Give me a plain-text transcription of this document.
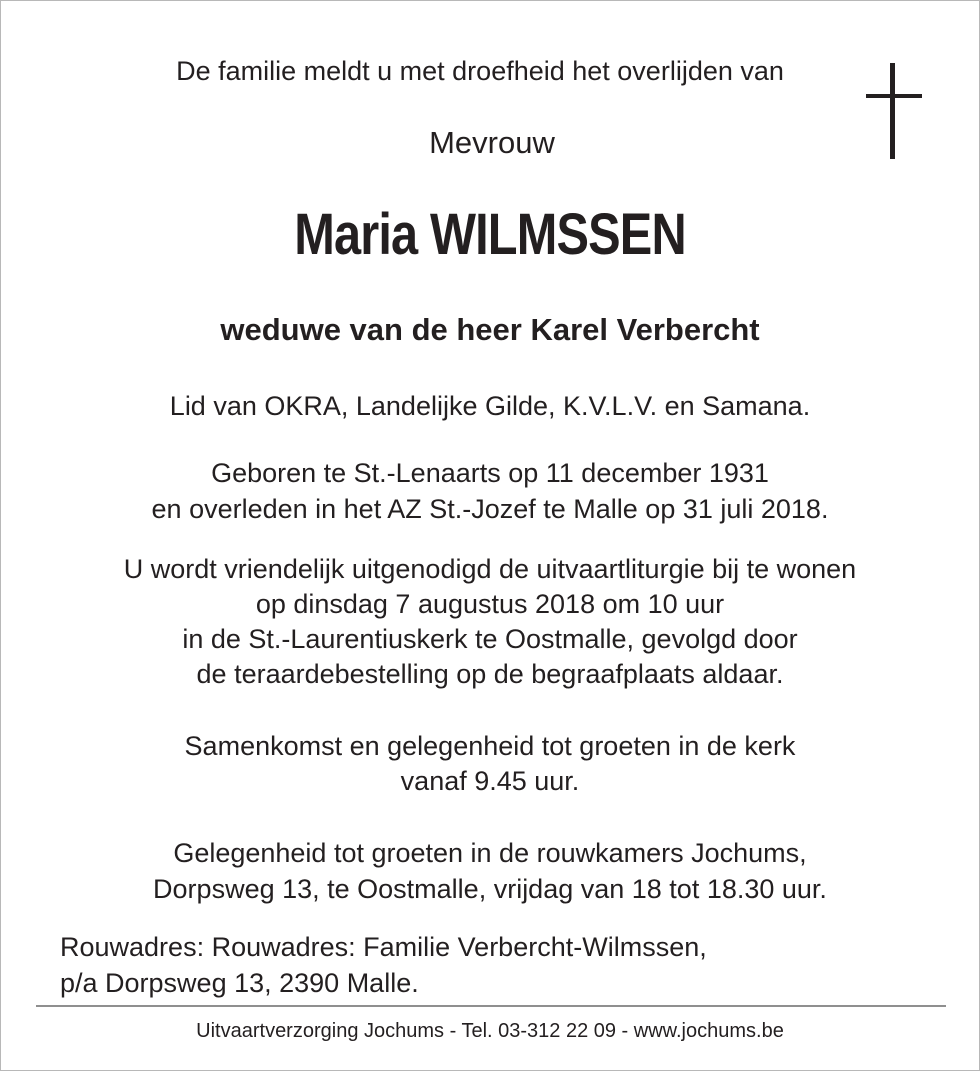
De familie meldt u met droefheid het overlijden van
Mevrouw
Maria WILMSSEN
weduwe van de heer Karel Verbercht
Lid van OKRA, Landelijke Gilde, K.V.L.V. en Samana.
Geboren te St.-Lenaarts op 11 december 1931
en overleden in het AZ St.-Jozef te Malle op 31 juli 2018.
U wordt vriendelijk uitgenodigd de uitvaartliturgie bij te wonen
op dinsdag 7 augustus 2018 om 10 uur
in de St.-Laurentiuskerk te Oostmalle, gevolgd door
de teraardebestelling op de begraafplaats aldaar.
Samenkomst en gelegenheid tot groeten in de kerk
vanaf 9.45 uur.
Gelegenheid tot groeten in de rouwkamers Jochums,
Dorpsweg 13, te Oostmalle, vrijdag van 18 tot 18.30 uur.
Rouwadres: Rouwadres: Familie Verbercht-Wilmssen,
p/a Dorpsweg 13, 2390 Malle.
Uitvaartverzorging Jochums - Tel. 03-312 22 09 - www.jochums.be
